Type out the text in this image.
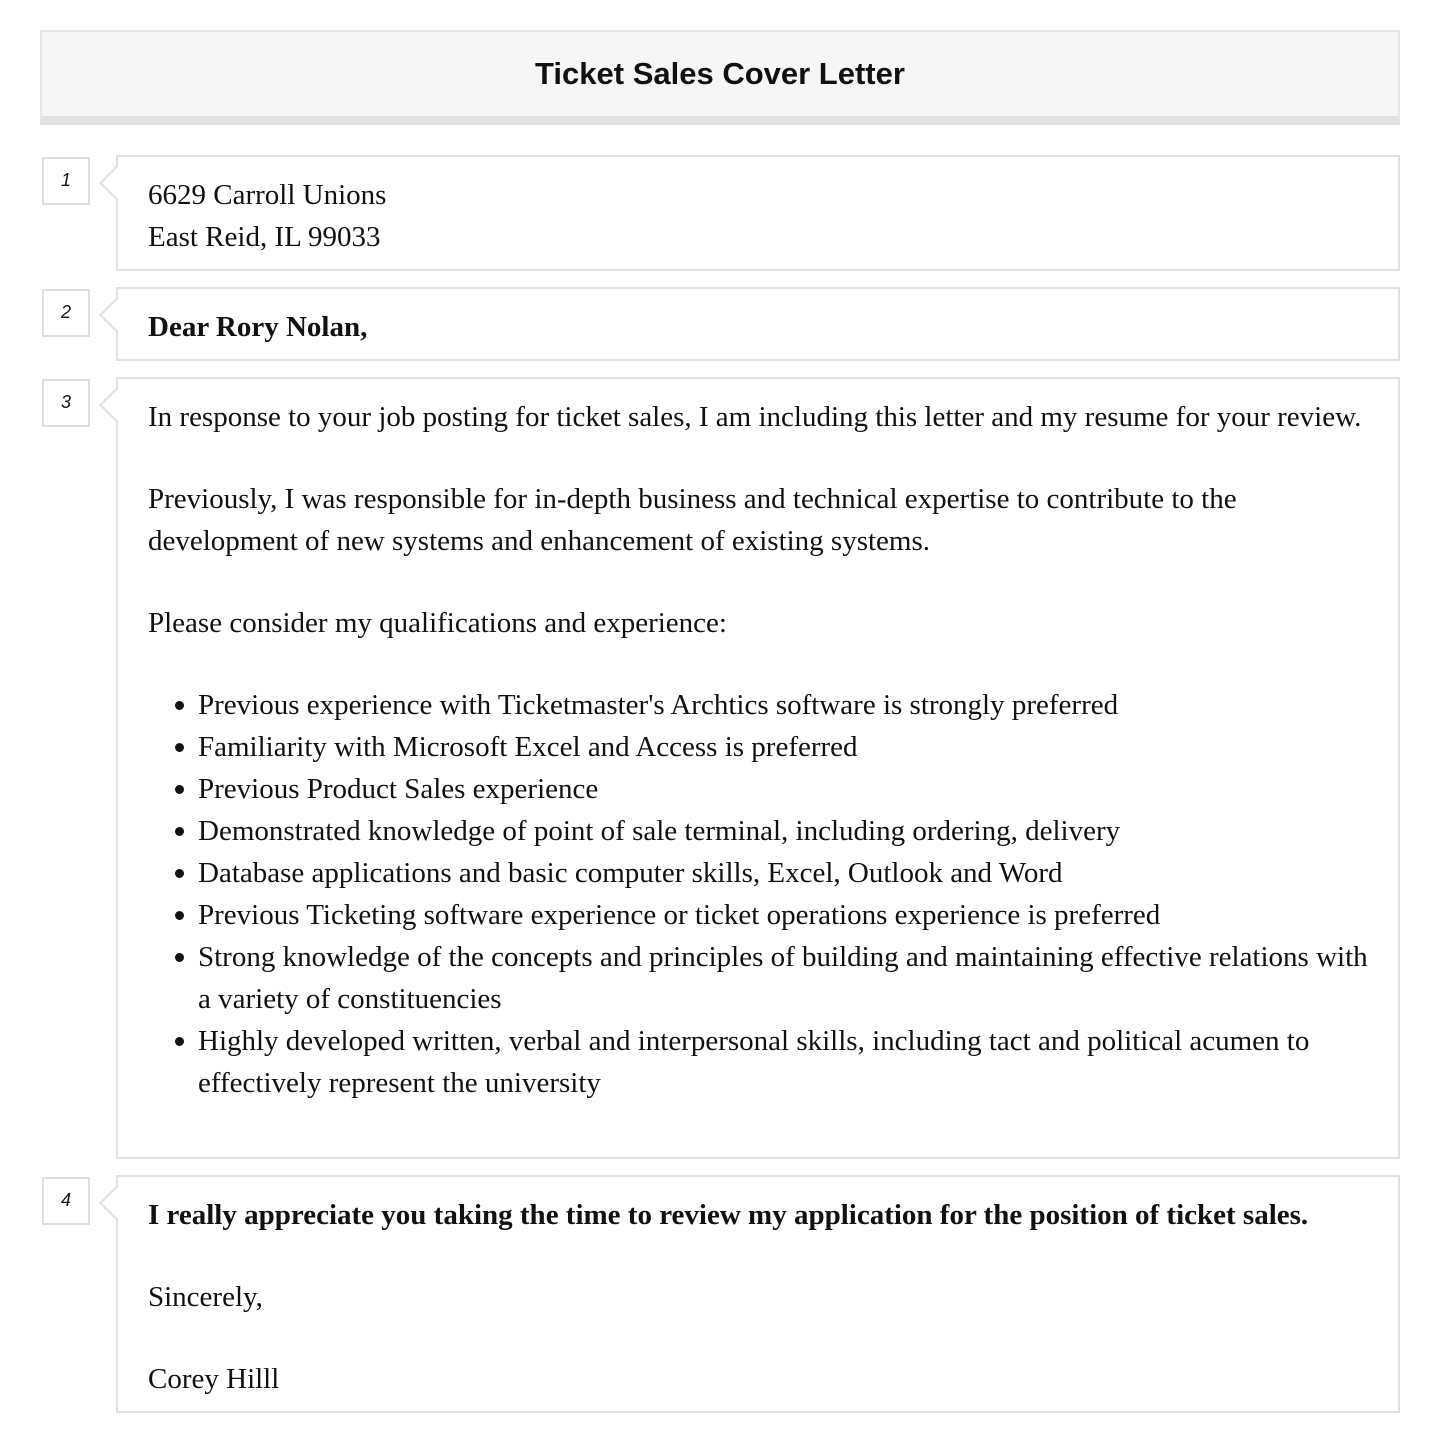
Ticket Sales Cover Letter
1	6629 Carroll Unions
East Reid, IL 99033
2	Dear Rory Nolan,
3	In response to your job posting for ticket sales, I am including this letter and my resume for your review.

Previously, I was responsible for in-depth business and technical expertise to contribute to the development of new systems and enhancement of existing systems.

Please consider my qualifications and experience:

Previous experience with Ticketmaster's Archtics software is strongly preferred
Familiarity with Microsoft Excel and Access is preferred
Previous Product Sales experience
Demonstrated knowledge of point of sale terminal, including ordering, delivery
Database applications and basic computer skills, Excel, Outlook and Word
Previous Ticketing software experience or ticket operations experience is preferred
Strong knowledge of the concepts and principles of building and maintaining effective relations with a variety of constituencies
Highly developed written, verbal and interpersonal skills, including tact and political acumen to effectively represent the university
4	I really appreciate you taking the time to review my application for the position of ticket sales.

Sincerely,

Corey Hilll
